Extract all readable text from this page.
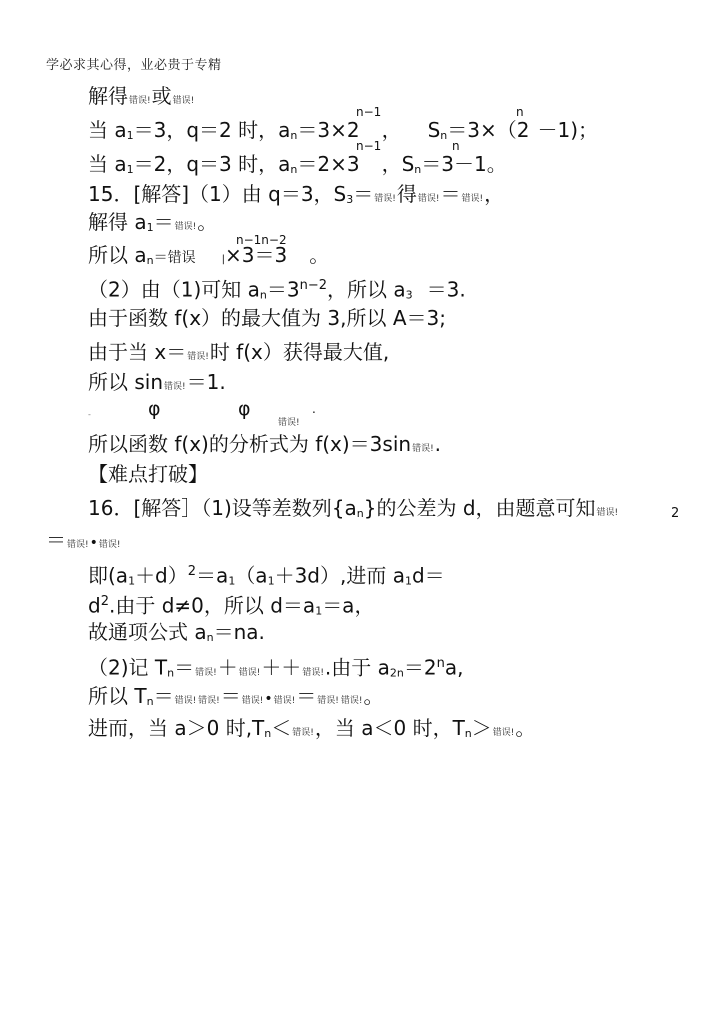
学必求其心得，业必贵于专精
解得错误!或错误!
n−1	n
当 a1＝3，q＝2 时，an＝3×2 ， Sn＝3×（2 －1)；
n−1	n
当 a1＝2，q＝3 时，an＝2×3 ，Sn＝3－1。
15．[解答]（1）由 q＝3，S3＝错误!得错误!＝错误!，
解得 a1＝错误!。
n−1n−2
所以 an＝错误	|×3＝3 。
（2）由（1)可知 $an=3^{n-2}$，所以 a3 ＝3.
由于函数 f(x）的最大值为 3,所以 A＝3;
由于当 x＝错误!时 f(x）获得最大值,
所以 sin错误!＝1.
-	φ	φ
错误!
.
所以函数 f(x)的分析式为 f(x)＝3sin错误!.
【难点打破】
16．[解答］（1)设等差数列{an}的公差为 d，由题意可知错误!	2
＝错误!•错误!
即(a1＋d）$^2$＝a1（a1＋3d）,进而 a1d＝
$d^2$.由于 d≠0，所以 d＝a1＝a，
故通项公式 an＝na.
（2)记 Tn＝错误!＋错误!＋＋错误!.由于 $a2n=2^na$,
所以 Tn＝错误! 错误!＝错误!•错误!＝错误! 错误!。
进而，当 a＞0 时,Tn＜错误!，当 a＜0 时，Tn＞错误!。
